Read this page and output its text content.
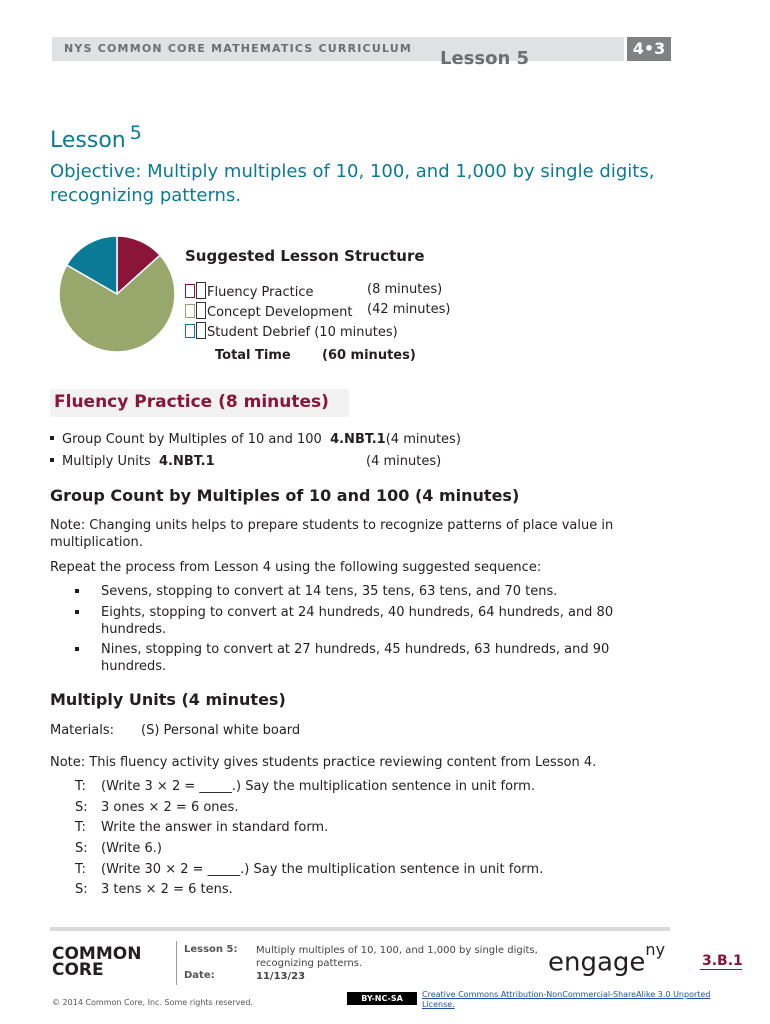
NYS COMMON CORE MATHEMATICS CURRICULUM Lesson 5	4•3
Lesson 5
Objective: Multiply multiples of 10, 100, and 1,000 by single digits, recognizing patterns.
Suggested Lesson Structure
Fluency Practice	(8 minutes)
Concept Development (42 minutes)
Student Debrief (10 minutes)
Total Time (60 minutes)
Fluency Practice (8 minutes)
Group Count by Multiples of 10 and 100 4.NBT.1(4 minutes)
Multiply Units 4.NBT.1	(4 minutes)
Group Count by Multiples of 10 and 100 (4 minutes)
Note: Changing units helps to prepare students to recognize patterns of place value in multiplication.
Repeat the process from Lesson 4 using the following suggested sequence:
Sevens, stopping to convert at 14 tens, 35 tens, 63 tens, and 70 tens.
Eights, stopping to convert at 24 hundreds, 40 hundreds, 64 hundreds, and 80 hundreds.
Nines, stopping to convert at 27 hundreds, 45 hundreds, 63 hundreds, and 90 hundreds.
Multiply Units (4 minutes)
Materials: (S) Personal white board
Note: This fluency activity gives students practice reviewing content from Lesson 4.
T: (Write 3 × 2 = _____.) Say the multiplication sentence in unit form.
S: 3 ones × 2 = 6 ones.
T: Write the answer in standard form.
S: (Write 6.)
T: (Write 30 × 2 = _____.) Say the multiplication sentence in unit form.
S: 3 tens × 2 = 6 tens.
COMMON
CORE
Lesson 5: Multiply multiples of 10, 100, and 1,000 by single digits, recognizing patterns.
Date:	11/13/23	engage$^{ny}$
3.B.1
© 2014 Common Core, Inc. Some rights reserved.	BY-NC-SA	Creative Commons Attribution-NonCommercial-ShareAlike 3.0 Unported License.
